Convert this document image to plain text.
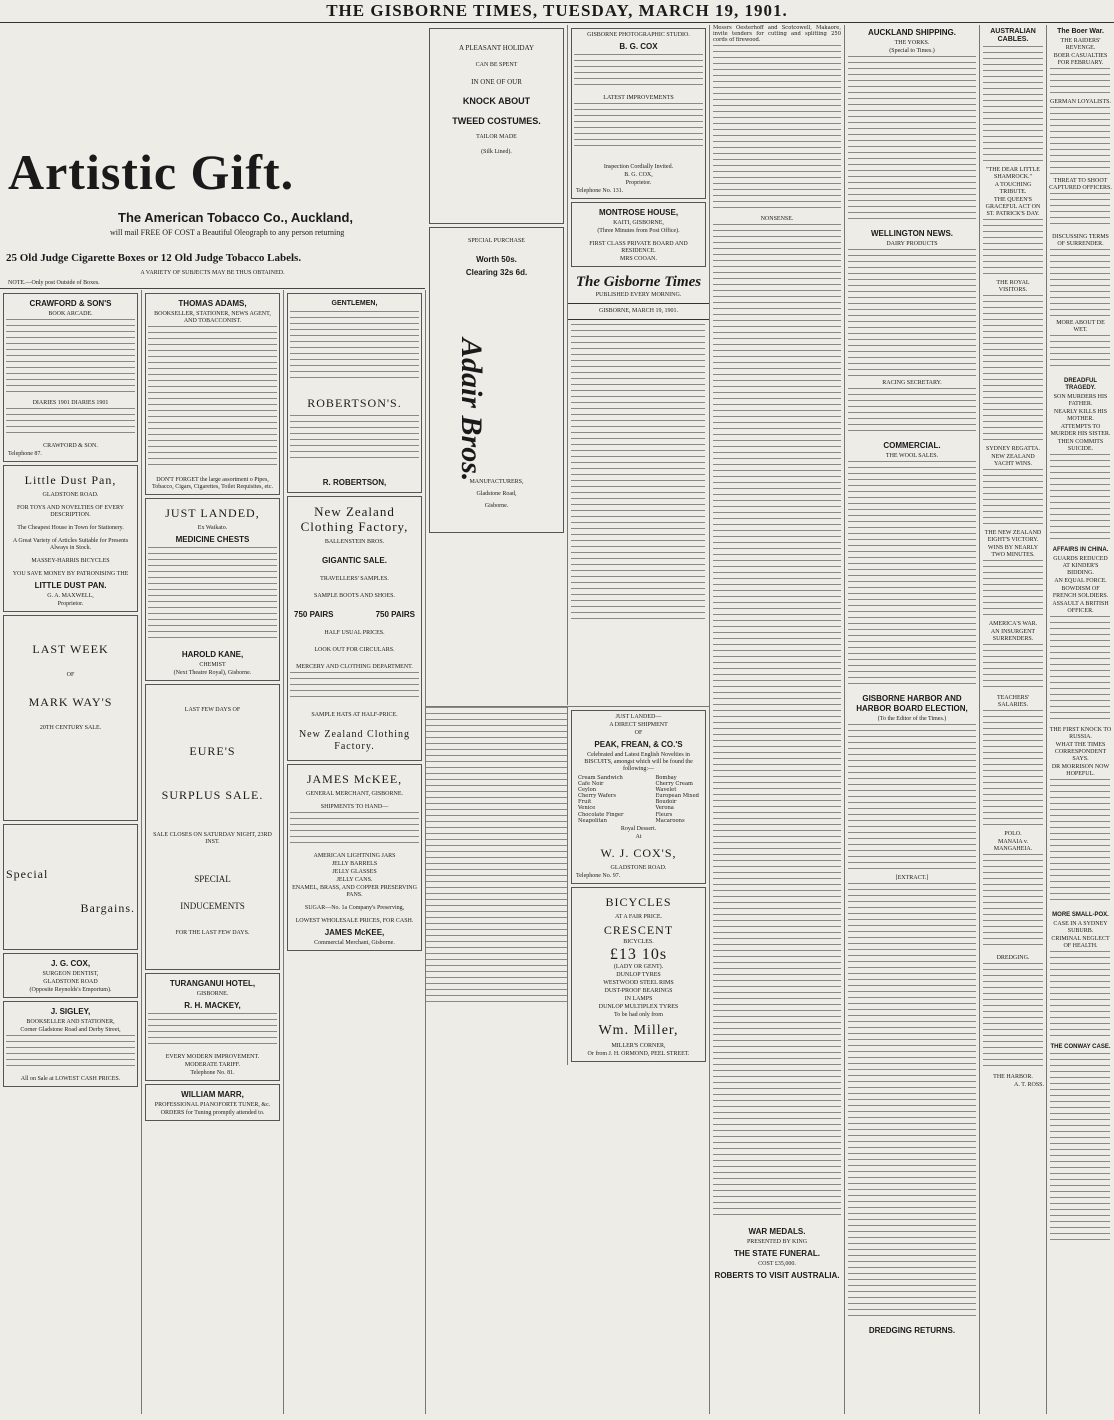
THE GISBORNE TIMES, TUESDAY, MARCH 19, 1901.
Artistic Gift.
The American Tobacco Co., Auckland,
will mail FREE OF COST a Beautiful Oleograph to any person returning
25 Old Judge Cigarette Boxes or 12 Old Judge Tobacco Labels.
A VARIETY OF SUBJECTS MAY BE THUS OBTAINED.
NOTE.—Only post Outside of Boxes.
CRAWFORD & SON'S
BOOK ARCADE.
DIARIES 1901 DIARIES 1901
CRAWFORD & SON.
Telephone 87.
Little Dust Pan,
GLADSTONE ROAD.
FOR TOYS AND NOVELTIES OF EVERY DESCRIPTION.
The Cheapest House in Town for Stationery.
A Great Variety of Articles Suitable for Presents Always in Stock.
MASSEY-HARRIS BICYCLES
YOU SAVE MONEY BY PATRONISING THE
LITTLE DUST PAN.
G. A. MAXWELL,
Proprietor.
LAST WEEK
OF
MARK WAY'S
20TH CENTURY SALE.
Special
Bargains.
J. G. COX,
SURGEON DENTIST,
GLADSTONE ROAD
(Opposite Reynolds's Emporium).
J. SIGLEY,
BOOKSELLER AND STATIONER,
Corner Gladstone Road and Derby Street,
All on Sale at LOWEST CASH PRICES.
THOMAS ADAMS,
BOOKSELLER, STATIONER, NEWS AGENT, AND TOBACCONIST.
DON'T FORGET the large assortment o Pipes, Tobacco, Cigars, Cigarettes, Toilet Requisites, etc.
JUST LANDED,
Ex Waikato.
MEDICINE CHESTS
HAROLD KANE,
CHEMIST
(Next Theatre Royal), Gisborne.
LAST FEW DAYS OF
EURE'S
SURPLUS SALE.
SALE CLOSES ON SATURDAY NIGHT, 23RD INST.
SPECIAL
INDUCEMENTS
FOR THE LAST FEW DAYS.
TURANGANUI HOTEL,
GISBORNE.
R. H. MACKEY,
EVERY MODERN IMPROVEMENT.
MODERATE TARIFF.
Telephone No. 81.
WILLIAM MARR,
PROFESSIONAL PIANOFORTE TUNER, &c.
ORDERS for Tuning promptly attended to.
GENTLEMEN,
ROBERTSON'S.
R. ROBERTSON,
New Zealand Clothing Factory,
BALLENSTEIN BROS.
GIGANTIC SALE.
TRAVELLERS' SAMPLES.
SAMPLE BOOTS AND SHOES.
750 PAIRS	750 PAIRS
HALF USUAL PRICES.
LOOK OUT FOR CIRCULARS.
MERCERY AND CLOTHING DEPARTMENT.
SAMPLE HATS AT HALF-PRICE.
New Zealand Clothing Factory.
JAMES McKEE,
GENERAL MERCHANT, GISBORNE.
SHIPMENTS TO HAND—
AMERICAN LIGHTNING JARS
JELLY BARRELS
JELLY GLASSES
JELLY CANS.
ENAMEL, BRASS, AND COPPER PRESERVING PANS.
SUGAR—No. 1a Company's Preserving,
LOWEST WHOLESALE PRICES, FOR CASH.
JAMES McKEE,
Commercial Merchant, Gisborne.
A PLEASANT HOLIDAY
CAN BE SPENT
IN ONE OF OUR
KNOCK ABOUT
TWEED COSTUMES.
TAILOR MADE
(Silk Lined).
SPECIAL PURCHASE
Worth 50s.
Clearing 32s 6d.
Adair Bros.
MANUFACTURERS,
Gladstone Road,
Gisborne.
GISBORNE PHOTOGRAPHIC STUDIO.
B. G. COX
LATEST IMPROVEMENTS
Inspection Cordially Invited.
B. G. COX,
Proprietor.
Telephone No. 131.
MONTROSE HOUSE,
KAITI, GISBORNE,
(Three Minutes from Post Office).
FIRST CLASS PRIVATE BOARD AND RESIDENCE.
MRS COOAN.
The Gisborne Times
PUBLISHED EVERY MORNING.
GISBORNE, MARCH 19, 1901.
JUST LANDED—
A DIRECT SHIPMENT
OF
PEAK, FREAN, & CO.'S
Celebrated and Latest English Novelties in BISCUITS, amongst which will be found the following:—
Cream Sandwich
Cafe Noir
Ceylon
Cherry Wafers
Fruit
Venice
Chocolate Finger
Neapolitan
Bombay
Cherry Cream
Wavelet
European Mixed
Boudoir
Verona
Fleurs
Macaroons
Royal Dessert.
At
W. J. COX'S,
GLADSTONE ROAD.
Telephone No. 97.
BICYCLES
AT A FAIR PRICE.
CRESCENT
BICYCLES.
£13 10s
(LADY OR GENT).
DUNLOP TYRES
WESTWOOD STEEL RIMS
DUST-PROOF BEARINGS
IN LAMPS
DUNLOP MULTIPLEX TYRES
To be had only from
Wm. Miller,
MILLER'S CORNER,
Or from J. H. ORMOND, PEEL STREET.

Messrs Oesterhoff and Scotcowell, Makaore, invite tenders for cutting and splitting 250 cords of firewood.

NONSENSE.
WAR MEDALS.
PRESENTED BY KING
THE STATE FUNERAL.
COST £35,000.
ROBERTS TO VISIT AUSTRALIA.
AUCKLAND SHIPPING.
THE YORKS.
(Special to Times.)
WELLINGTON NEWS.
DAIRY PRODUCTS
RACING SECRETARY.
COMMERCIAL.
THE WOOL SALES.
GISBORNE HARBOR AND HARBOR BOARD ELECTION,
(To the Editor of the Times.)
[EXTRACT.]
DREDGING RETURNS.
AUSTRALIAN CABLES.
"THE DEAR LITTLE SHAMROCK."
A TOUCHING TRIBUTE.
THE QUEEN'S GRACEFUL ACT ON ST. PATRICK'S DAY.
THE ROYAL VISITORS.
SYDNEY REGATTA.
NEW ZEALAND YACHT WINS.
THE NEW ZEALAND EIGHT'S VICTORY.
WINS BY NEARLY TWO MINUTES.
AMERICA'S WAR.
AN INSURGENT SURRENDERS.
TEACHERS' SALARIES.
POLO.
MANAIA v. MANGAHEIA.
DREDGING.
THE HARBOR.
A. T. ROSS.
The Boer War.
THE RAIDERS' REVENGE.
BOER CASUALTIES FOR FEBRUARY.
GERMAN LOYALISTS.
THREAT TO SHOOT CAPTURED OFFICERS.
DISCUSSING TERMS OF SURRENDER.
MORE ABOUT DE WET.
DREADFUL TRAGEDY.
SON MURDERS HIS FATHER.
NEARLY KILLS HIS MOTHER.
ATTEMPTS TO MURDER HIS SISTER.
THEN COMMITS SUICIDE.
AFFAIRS IN CHINA.
GUARDS REDUCED AT KINDER'S BIDDING.
AN EQUAL FORCE.
BOWDISM OF FRENCH SOLDIERS.
ASSAULT A BRITISH OFFICER.
THE FIRST KNOCK TO RUSSIA.
WHAT THE TIMES CORRESPONDENT SAYS.
DR MORRISON NOW HOPEFUL.
MORE SMALL-POX.
CASE IN A SYDNEY SUBURB.
CRIMINAL NEGLECT OF HEALTH.
THE CONWAY CASE.
